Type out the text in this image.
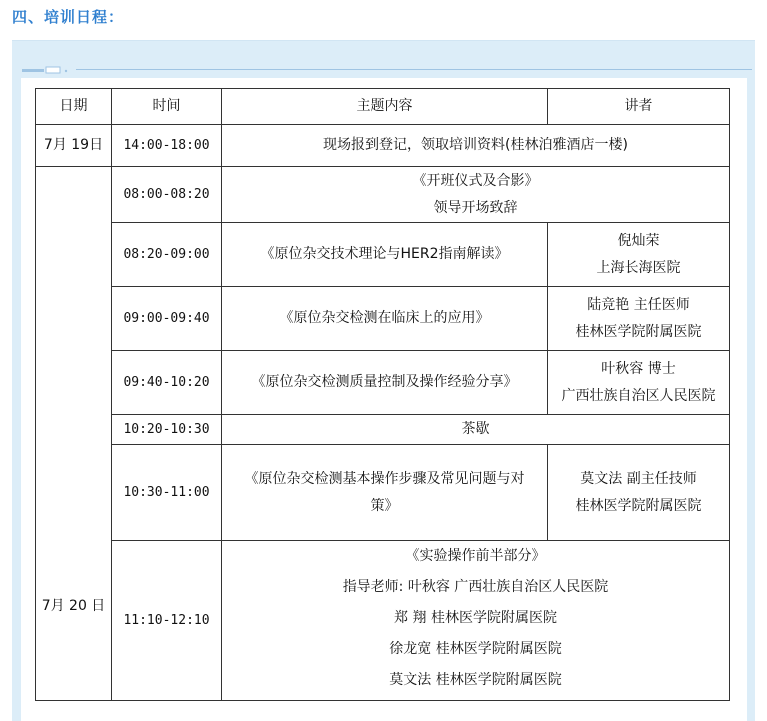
四、培训日程：
日期	时间	主题内容	讲者
7月 19日	14:00-18:00	现场报到登记，领取培训资料(桂林泊雅酒店一楼)	
7月 20 日	08:00-08:20	《开班仪式及合影》
领导开场致辞	

	08:20-09:00	《原位杂交技术理论与HER2指南解读》	倪灿荣
上海长海医院

	09:00-09:40	《原位杂交检测在临床上的应用》	陆竞艳 主任医师
桂林医学院附属医院

	09:40-10:20	《原位杂交检测质量控制及操作经验分享》	叶秋容 博士
广西壮族自治区人民医院

	10:20-10:30	茶歇	
	10:30-11:00	《原位杂交检测基本操作步骤及常见问题与对
策》	莫文法 副主任技师
桂林医学院附属医院

	11:10-12:10	《实验操作前半部分》
指导老师: 叶秋容 广西壮族自治区人民医院
郑 翔 桂林医学院附属医院
徐龙宽 桂林医学院附属医院
莫文法 桂林医学院附属医院	
